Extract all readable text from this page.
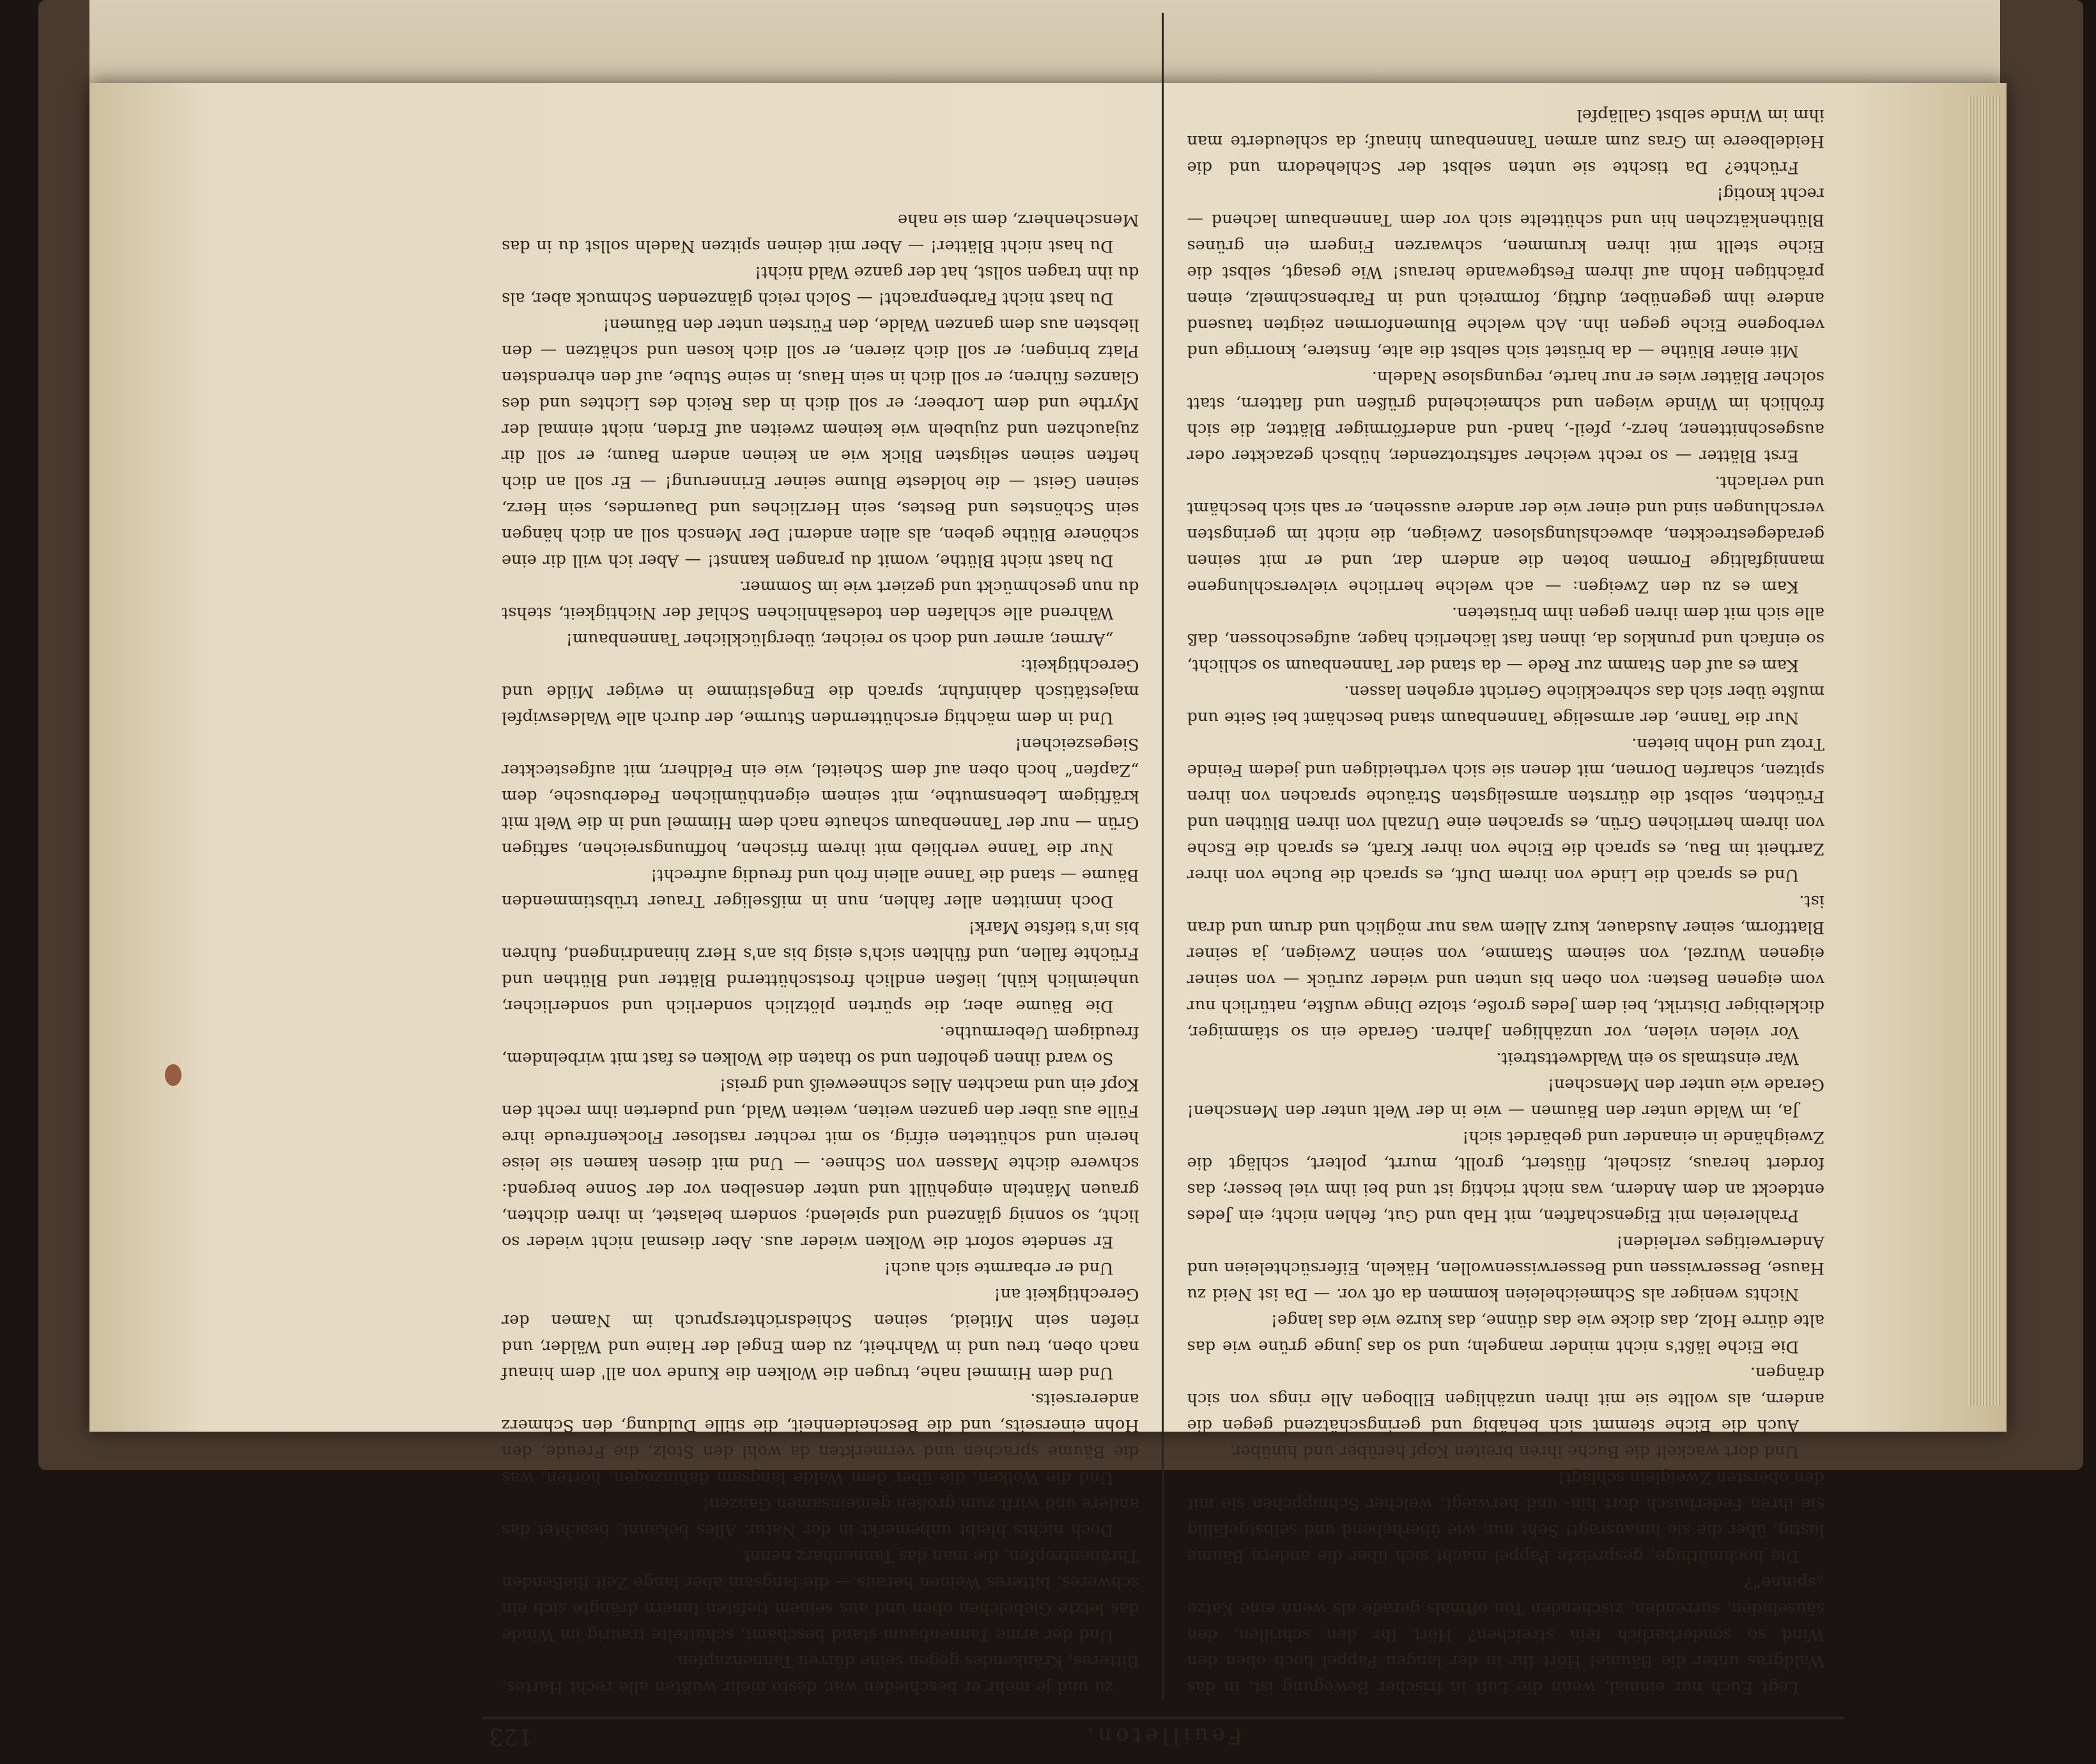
Feuilleton.
123

Legt Euch nur einmal, wenn die Luft in frischer Bewegung ist, in das Waldgras unter die Bäume! Hört Ihr in der langen Pappel hoch oben den Wind so sonderbarlich fein streichen? Hört Ihr den schrillen, den säuselnden, surrenden, zischenden Ton oftmals gerade als wenn eine Katze „spinne“?

Die hochmüthige, gespreizte Pappel macht sich über die andern Bäume lustig, über die sie hinausragt! Seht nur, wie überhebend und selbstgefällig sie ihren Federbusch dort hin- und herwiegt, welcher Schnippchen sie mit den obersten Zweiglein schlägt!

Und dort wackelt die Buche ihren breiten Kopf herüber und hinüber.

Auch die Eiche stemmt sich behäbig und geringschätzend gegen die andern, als wollte sie mit ihren unzähligen Ellbogen Alle rings von sich drängen.

Die Eiche läßt's nicht minder mangeln; und so das junge grüne wie das alte dürre Holz, das dicke wie das dünne, das kurze wie das lange!

Nichts weniger als Schmeicheleien kommen da oft vor. — Da ist Neid zu Hause, Besserwissen und Besserwissenwollen, Häkeln, Eifersüchteleien und Anderweitiges verleiden!

Prahlereien mit Eigenschaften, mit Hab und Gut, fehlen nicht; ein Jedes entdeckt an dem Andern, was nicht richtig ist und bei ihm viel besser; das fordert heraus, zischelt, flüstert, grollt, murrt, poltert, schlägt die Zweighände in einander und gebärdet sich!

Ja, im Walde unter den Bäumen — wie in der Welt unter den Menschen! Gerade wie unter den Menschen!

War einstmals so ein Waldwettstreit.

Vor vielen vielen, vor unzähligen Jahren. Gerade ein so stämmiger, dickleibiger Distrikt, bei dem Jedes große, stolze Dinge wußte, natürlich nur vom eigenen Besten: von oben bis unten und wieder zurück — von seiner eigenen Wurzel, von seinem Stamme, von seinen Zweigen, ja seiner Blattform, seiner Ausdauer, kurz Allem was nur möglich und drum und dran ist.

Und es sprach die Linde von ihrem Duft, es sprach die Buche von ihrer Zartheit im Bau, es sprach die Eiche von ihrer Kraft, es sprach die Esche von ihrem herrlichen Grün, es sprachen eine Unzahl von ihren Blüthen und Früchten, selbst die dürrsten armseligsten Sträuche sprachen von ihren spitzen, scharfen Dornen, mit denen sie sich vertheidigen und jedem Feinde Trotz und Hohn bieten.

Nur die Tanne, der armselige Tannenbaum stand beschämt bei Seite und mußte über sich das schreckliche Gericht ergehen lassen.

Kam es auf den Stamm zur Rede — da stand der Tannenbaum so schlicht, so einfach und prunklos da, ihnen fast lächerlich hager, aufgeschossen, daß alle sich mit dem ihren gegen ihm brüsteten.

Kam es zu den Zweigen: — ach welche herrliche vielverschlungene mannigfaltige Formen boten die andern dar, und er mit seinen geradegestreckten, abwechslungslosen Zweigen, die nicht im geringsten verschlungen sind und einer wie der andere aussehen, er sah sich beschämt und verlacht.

Erst Blätter — so recht weicher saftstrotzender, hübsch gezackter oder ausgeschnittener, herz-, pfeil-, hand- und anderförmiger Blätter, die sich fröhlich im Winde wiegen und schmeichelnd grüßen und flattern, statt solcher Blätter wies er nur harte, regungslose Nadeln.

Mit einer Blüthe — da brüstet sich selbst die alte, finstere, knorrige und verbogene Eiche gegen ihn. Ach welche Blumenformen zeigten tausend andere ihm gegenüber, duftig, formreich und in Farbenschmelz, einen prächtigen Hohn auf ihrem Festgewande heraus! Wie gesagt, selbst die Eiche stellt mit ihren krummen, schwarzen Fingern ein grünes Blüthenkätzchen hin und schüttelte sich vor dem Tannenbaum lachend — recht knotig!

Früchte? Da tischte sie unten selbst der Schlehedorn und die Heidelbeere im Gras zum armen Tannenbaum hinauf; da schleuderte man ihm im Winde selbst Galläpfel

zu und je mehr er beschieden war, desto mehr wußten alle recht Hartes, Bitteres, Kränkendes gegen seine dürren Tannenzapfen.

Und der arme Tannenbaum stand beschämt, schüttelte traurig im Winde das letzte Giebelchen oben und aus seinem tiefsten Innern drängte sich ein schweres, bitteres Weinen heraus — die langsam aber lange Zeit fließenden Thränentropfen, die man das Tannenharz nennt.

Doch nichts bleibt unbemerkt in der Natur. Alles bekannt, beachtet das andere und wirft zum großen gemeinsamen Ganzen!

Und die Wolken, die über dem Walde langsam dahinzogen, hörten, was die Bäume sprachen und vermerkten da wohl den Stolz, die Freude, den Hohn einerseits, und die Bescheidenheit, die stille Duldung, den Schmerz andererseits.

Und dem Himmel nahe, trugen die Wolken die Kunde von all' dem hinauf nach oben, treu und in Wahrheit, zu dem Engel der Haine und Wälder, und riefen sein Mitleid, seinen Schiedsrichterspruch im Namen der Gerechtigkeit an!

Und er erbarmte sich auch!

Er sendete sofort die Wolken wieder aus. Aber diesmal nicht wieder so licht, so sonnig glänzend und spielend; sondern belastet, in ihren dichten, grauen Mänteln eingehüllt und unter denselben vor der Sonne bergend: schwere dichte Massen von Schnee. — Und mit diesen kamen sie leise herein und schütteten eifrig, so mit rechter rastloser Flockenfreude ihre Fülle aus über den ganzen weiten, weiten Wald, und puderten ihm recht den Kopf ein und machten Alles schneeweiß und greis!

So ward ihnen geholfen und so thaten die Wolken es fast mit wirbelndem, freudigem Uebermuthe.

Die Bäume aber, die spürten plötzlich sonderlich und sonderlicher, unheimlich kühl, ließen endlich frostschütternd Blätter und Blüthen und Früchte fallen, und fühlten sich's eisig bis an's Herz hinandringend, fuhren bis in's tiefste Mark!

Doch inmitten aller fahlen, nun in mißseliger Trauer trübstimmenden Bäume — stand die Tanne allein froh und freudig aufrecht!

Nur die Tanne verblieb mit ihrem frischen, hoffnungsreichen, saftigen Grün — nur der Tannenbaum schaute nach dem Himmel und in die Welt mit kräftigem Lebensmuthe, mit seinem eigenthümlichen Federbusche, dem „Zapfen“ hoch oben auf dem Scheitel, wie ein Feldherr, mit aufgesteckter Siegeszeichen!

Und in dem mächtig erschütternden Sturme, der durch alle Waldeswipfel majestätisch dahinfuhr, sprach die Engelstimme in ewiger Milde und Gerechtigkeit:

„Armer, armer und doch so reicher, überglücklicher Tannenbaum!

Während alle schlafen den todesähnlichen Schlaf der Nichtigkeit, stehst du nun geschmückt und geziert wie im Sommer.

Du hast nicht Blüthe, womit du prangen kannst! — Aber ich will dir eine schönere Blüthe geben, als allen andern! Der Mensch soll an dich hängen sein Schönstes und Bestes, sein Herzliches und Dauerndes, sein Herz, seinen Geist — die holdeste Blume seiner Erinnerung! — Er soll an dich heften seinen seligsten Blick wie an keinen andern Baum; er soll dir zujauchzen und zujubeln wie keinem zweiten auf Erden, nicht einmal der Myrthe und dem Lorbeer; er soll dich in das Reich des Lichtes und des Glanzes führen; er soll dich in sein Haus, in seine Stube, auf den ehrendsten Platz bringen; er soll dich zieren, er soll dich kosen und schätzen — den liebsten aus dem ganzen Walde, den Fürsten unter den Bäumen!

Du hast nicht Farbenpracht! — Solch reich glänzenden Schmuck aber, als du ihn tragen sollst, hat der ganze Wald nicht!

Du hast nicht Blätter! — Aber mit deinen spitzen Nadeln sollst du in das Menschenherz, dem sie nahe
